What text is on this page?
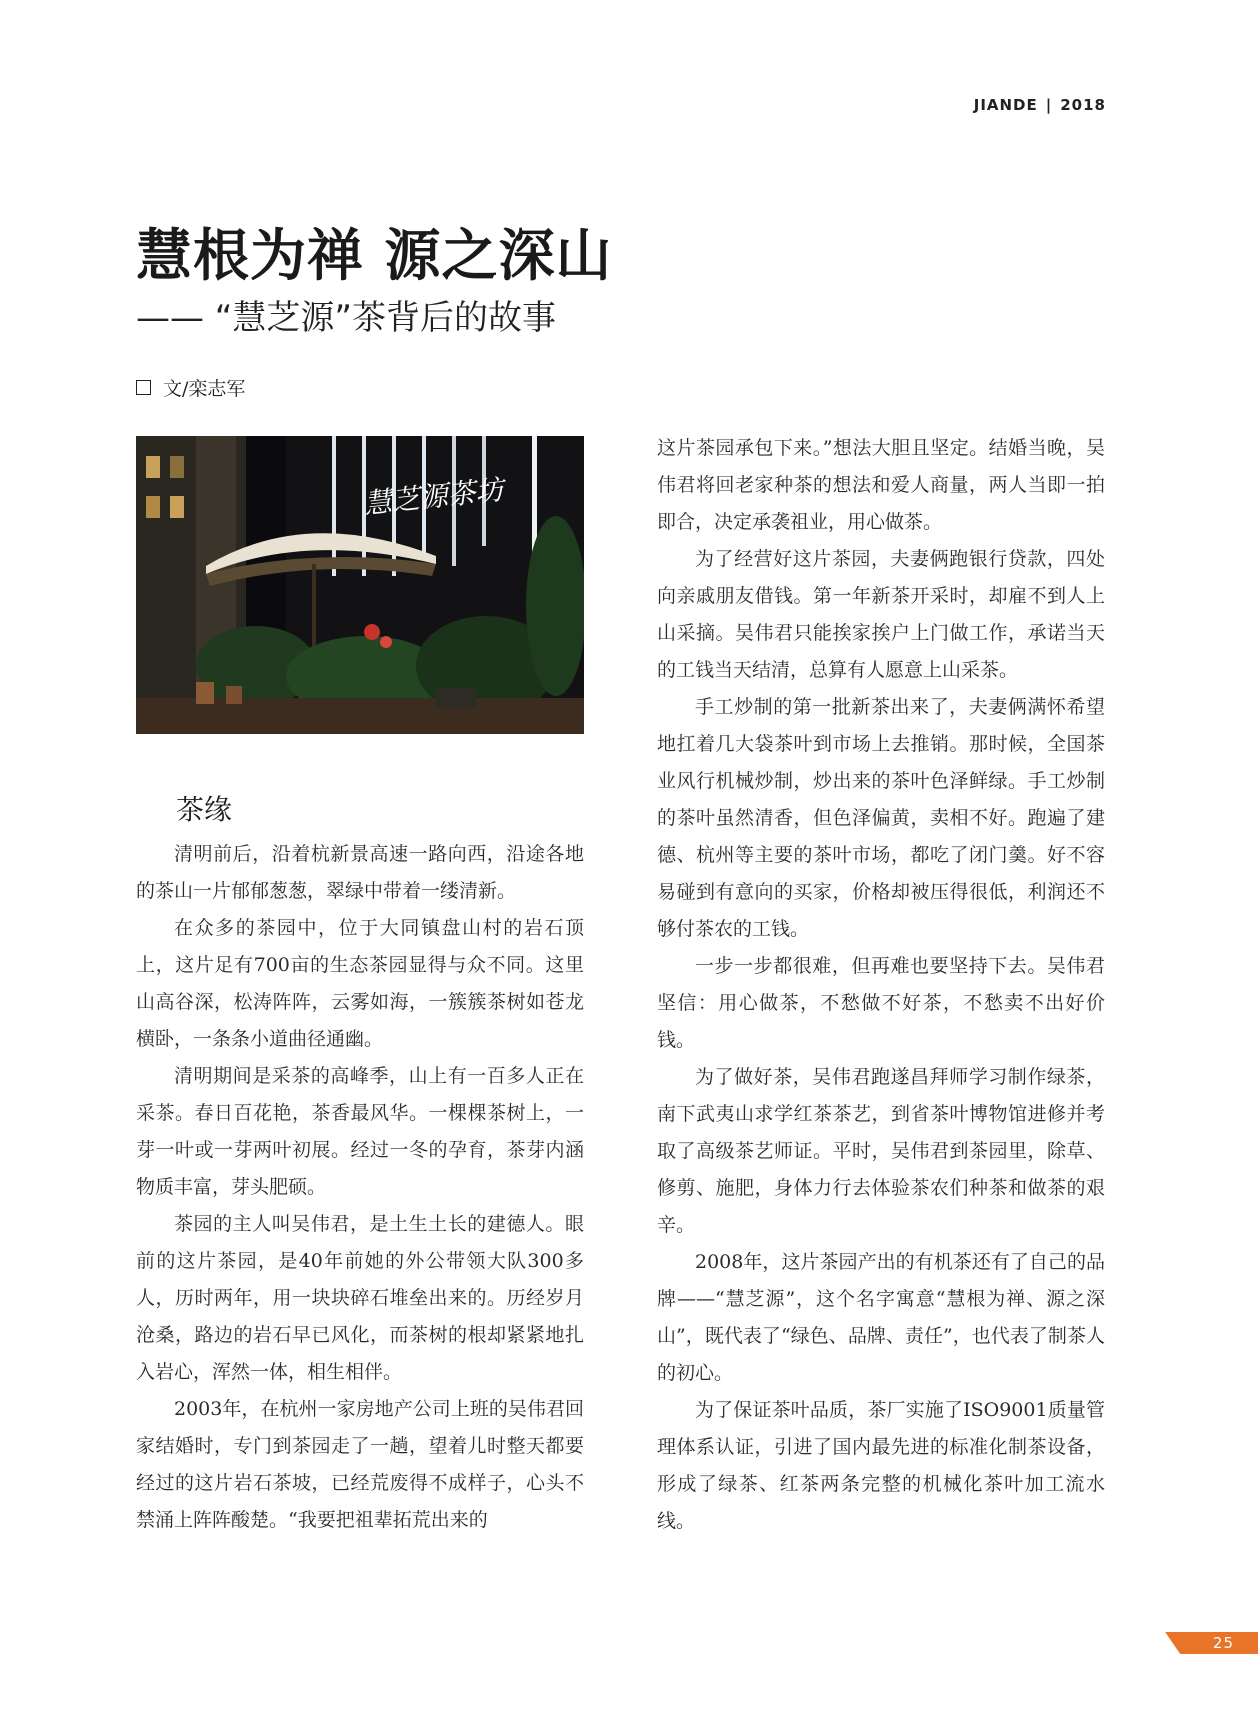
JIANDE | 2018
慧根为禅 源之深山
—— “慧芝源”茶背后的故事
文/栾志军
慧芝源茶坊
茶缘

清明前后，沿着杭新景高速一路向西，沿途各地的茶山一片郁郁葱葱，翠绿中带着一缕清新。

在众多的茶园中，位于大同镇盘山村的岩石顶上，这片足有700亩的生态茶园显得与众不同。这里山高谷深，松涛阵阵，云雾如海，一簇簇茶树如苍龙横卧，一条条小道曲径通幽。

清明期间是采茶的高峰季，山上有一百多人正在采茶。春日百花艳，茶香最风华。一棵棵茶树上，一芽一叶或一芽两叶初展。经过一冬的孕育，茶芽内涵物质丰富，芽头肥硕。

茶园的主人叫吴伟君，是土生土长的建德人。眼前的这片茶园，是40年前她的外公带领大队300多人，历时两年，用一块块碎石堆垒出来的。历经岁月沧桑，路边的岩石早已风化，而茶树的根却紧紧地扎入岩心，浑然一体，相生相伴。

2003年，在杭州一家房地产公司上班的吴伟君回家结婚时，专门到茶园走了一趟，望着儿时整天都要经过的这片岩石茶坡，已经荒废得不成样子，心头不禁涌上阵阵酸楚。“我要把祖辈拓荒出来的

这片茶园承包下来。”想法大胆且坚定。结婚当晚，吴伟君将回老家种茶的想法和爱人商量，两人当即一拍即合，决定承袭祖业，用心做茶。

为了经营好这片茶园，夫妻俩跑银行贷款，四处向亲戚朋友借钱。第一年新茶开采时，却雇不到人上山采摘。吴伟君只能挨家挨户上门做工作，承诺当天的工钱当天结清，总算有人愿意上山采茶。

手工炒制的第一批新茶出来了，夫妻俩满怀希望地扛着几大袋茶叶到市场上去推销。那时候，全国茶业风行机械炒制，炒出来的茶叶色泽鲜绿。手工炒制的茶叶虽然清香，但色泽偏黄，卖相不好。跑遍了建德、杭州等主要的茶叶市场，都吃了闭门羹。好不容易碰到有意向的买家，价格却被压得很低，利润还不够付茶农的工钱。

一步一步都很难，但再难也要坚持下去。吴伟君坚信：用心做茶，不愁做不好茶，不愁卖不出好价钱。

为了做好茶，吴伟君跑遂昌拜师学习制作绿茶，南下武夷山求学红茶茶艺，到省茶叶博物馆进修并考取了高级茶艺师证。平时，吴伟君到茶园里，除草、修剪、施肥，身体力行去体验茶农们种茶和做茶的艰辛。

2008年，这片茶园产出的有机茶还有了自己的品牌——“慧芝源”，这个名字寓意“慧根为禅、源之深山”，既代表了“绿色、品牌、责任”，也代表了制茶人的初心。

为了保证茶叶品质，茶厂实施了ISO9001质量管理体系认证，引进了国内最先进的标准化制茶设备，形成了绿茶、红茶两条完整的机械化茶叶加工流水线。

25
